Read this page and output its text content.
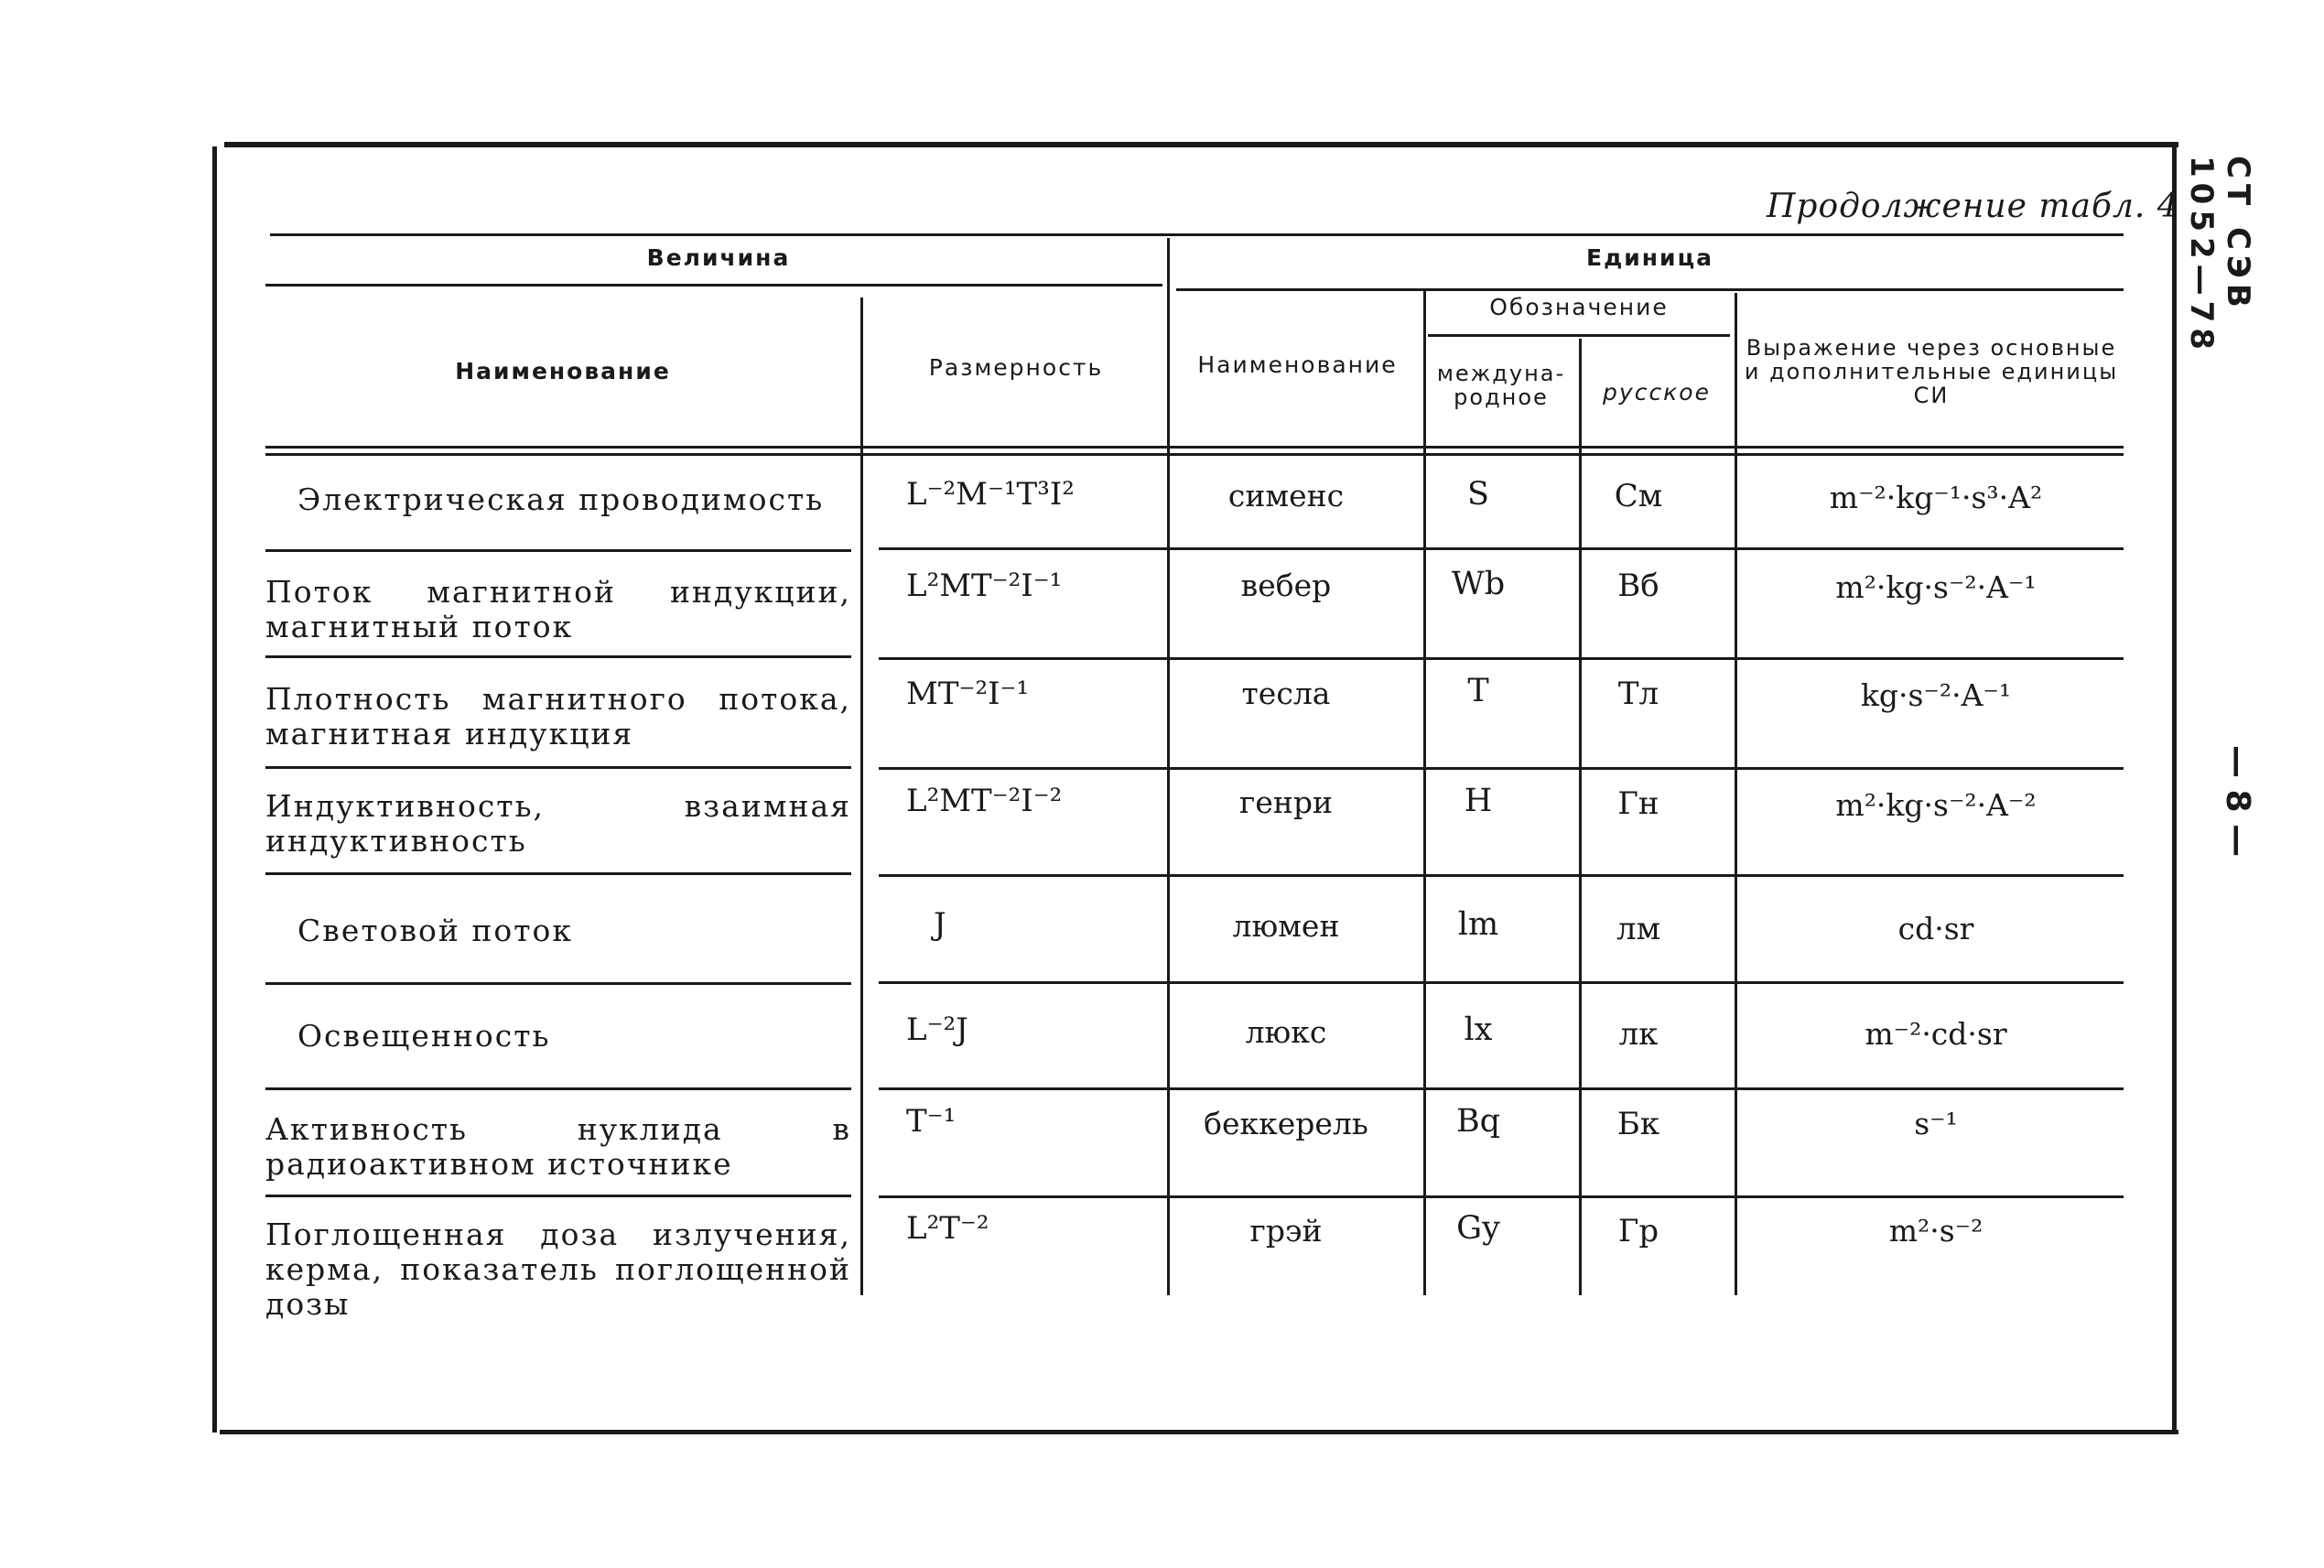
Продолжение табл. 4	СТ СЭВ 1052—78
— 8 —
Величина
Наименование	Размерность
Единица
Наименование
Обозначение
междуна-
родное	русское
Выражение через основные и дополнительные единицы СИ
Электрическая проводимость	L⁻²M⁻¹T³I²	сименс	S	См	m⁻²·kg⁻¹·s³·A²
Поток магнитной индукции, магнитный поток
L²MT⁻²I⁻¹	вебер	Wb	Вб	m²·kg·s⁻²·A⁻¹
Плотность магнитного потока, магнитная индукция
MT⁻²I⁻¹	тесла	T	Тл	kg·s⁻²·A⁻¹
Индуктивность, взаимная индуктивность
L²MT⁻²I⁻²	генри	H	Гн	m²·kg·s⁻²·A⁻²
Световой поток	J	люмен	lm	лм	cd·sr
Освещенность	L⁻²J	люкс	lx	лк	m⁻²·cd·sr
Активность нуклида в радиоактивном источнике
T⁻¹	беккерель	Bq	Бк	s⁻¹
Поглощенная доза излучения, керма, показатель поглощенной дозы
L²T⁻²	грэй	Gy	Гр	m²·s⁻²
